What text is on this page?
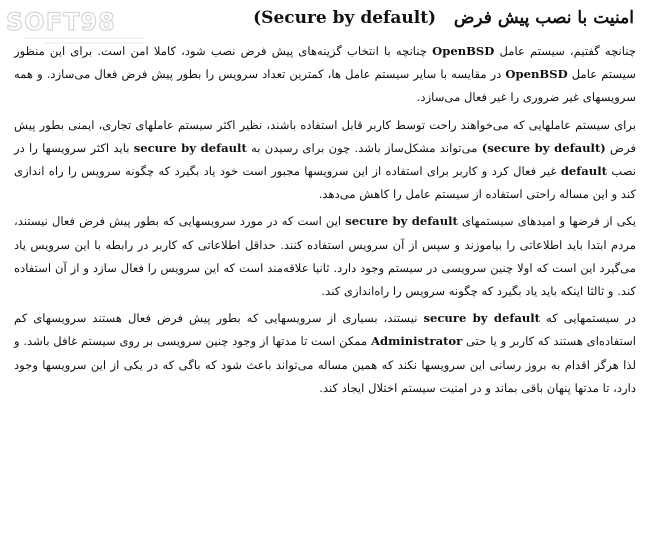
SOFT98	امنیت با نصب پیش فرض   (Secure by default)

چنانچه گفتیم، سیستم عامل OpenBSD چنانچه با انتخاب گزینه‌های پیش فرض نصب شود، کاملا امن است. برای این منظور سیستم عامل OpenBSD در مقایسه با سایر سیستم عامل ها، کمترین تعداد سرویس را بطور پیش فرض فعال می‌سازد. و همه سرویسهای غیر ضروری را غیر فعال می‌سازد.

برای سیستم عاملهایی که می‌خواهند راحت توسط کاربر قابل استفاده باشند، نظیر اکثر سیستم عاملهای تجاری، ایمنی بطور پیش فرض (secure by default) می‌تواند مشکل‌ساز باشد. چون برای رسیدن به secure by default باید اکثر سرویسها را در نصب default غیر فعال کرد و کاربر برای استفاده از این سرویسها مجبور است خود یاد بگیرد که چگونه سرویس را راه اندازی کند و این مساله راحتی استفاده از سیستم عامل را کاهش می‌دهد.

یکی از فرضها و امیدهای سیستمهای secure by default این است که در مورد سرویسهایی که بطور پیش فرض فعال نیستند، مردم ابتدا باید اطلاعاتی را بیاموزند و سپس از آن سرویس استفاده کنند. حداقل اطلاعاتی که کاربر در رابطه با این سرویس یاد می‌گیرد این است که اولا چنین سرویسی در سیستم وجود دارد. ثانیا علاقه‌مند است که این سرویس را فعال سازد و از آن استفاده کند. و ثالثا اینکه باید یاد بگیرد که چگونه سرویس را راه‌اندازی کند.

در سیستمهایی که secure by default نیستند، بسیاری از سرویسهایی که بطور پیش فرض فعال هستند سرویسهای کم استفاده‌ای هستند که کاربر و یا حتی Administrator ممکن است تا مدتها از وجود چنین سرویسی بر روی سیستم غافل باشد. و لذا هرگز اقدام به بروز رسانی این سرویسها نکند که همین مساله می‌تواند باعث شود که باگی که در یکی از این سرویسها وجود دارد، تا مدتها پنهان باقی بماند و در امنیت سیستم اختلال ایجاد کند.
